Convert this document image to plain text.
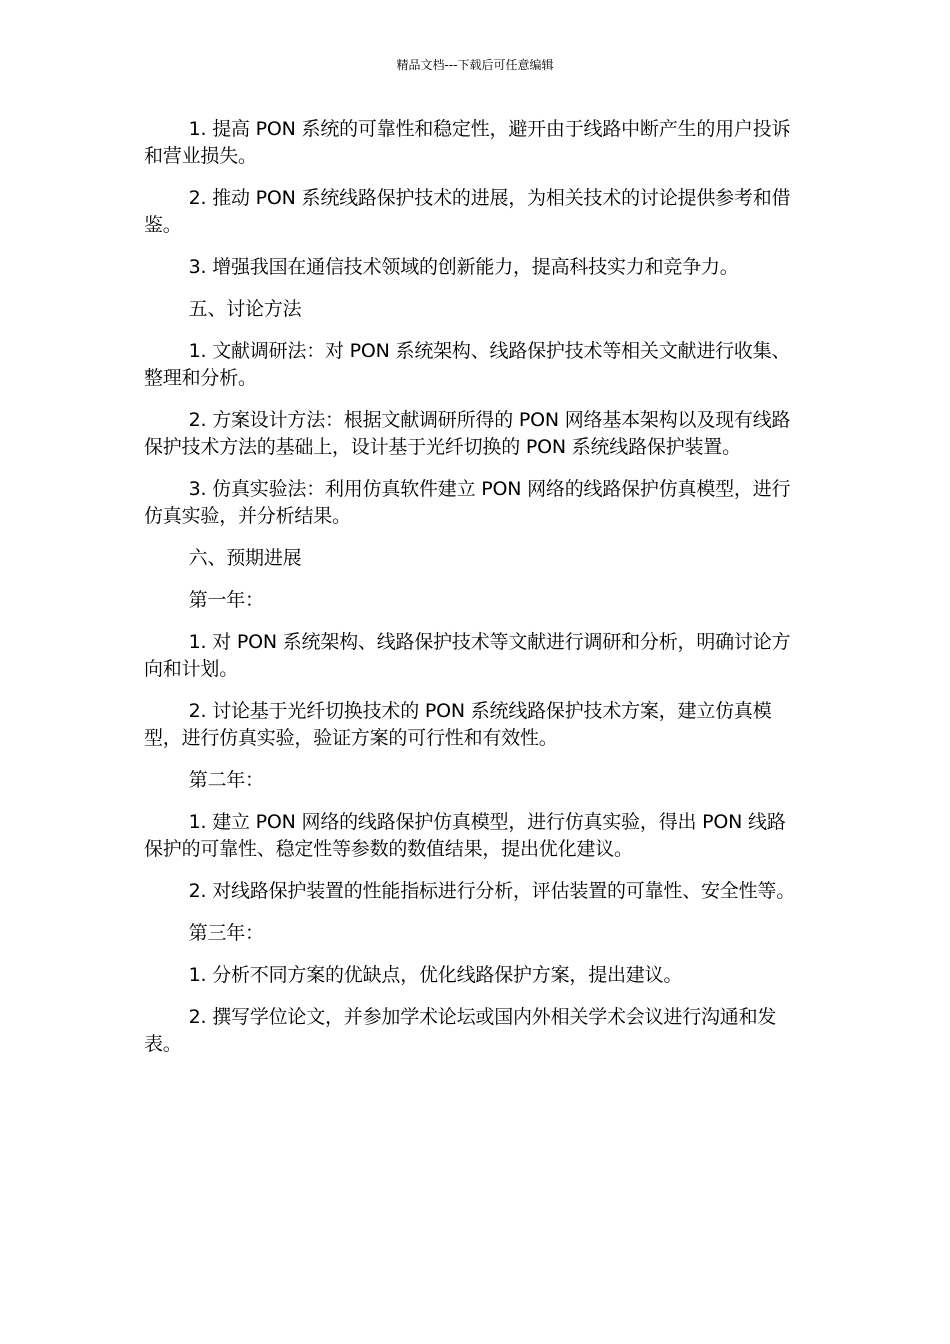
精品文档---下载后可任意编辑

1. 提高 PON 系统的可靠性和稳定性，避开由于线路中断产生的用户投诉和营业损失。

2. 推动 PON 系统线路保护技术的进展，为相关技术的讨论提供参考和借鉴。

3. 增强我国在通信技术领域的创新能力，提高科技实力和竞争力。

五、讨论方法

1. 文献调研法：对 PON 系统架构、线路保护技术等相关文献进行收集、整理和分析。

2. 方案设计方法：根据文献调研所得的 PON 网络基本架构以及现有线路保护技术方法的基础上，设计基于光纤切换的 PON 系统线路保护装置。

3. 仿真实验法：利用仿真软件建立 PON 网络的线路保护仿真模型，进行仿真实验，并分析结果。

六、预期进展

第一年：

1. 对 PON 系统架构、线路保护技术等文献进行调研和分析，明确讨论方向和计划。

2. 讨论基于光纤切换技术的 PON 系统线路保护技术方案，建立仿真模型，进行仿真实验，验证方案的可行性和有效性。

第二年：

1. 建立 PON 网络的线路保护仿真模型，进行仿真实验，得出 PON 线路保护的可靠性、稳定性等参数的数值结果，提出优化建议。

2. 对线路保护装置的性能指标进行分析，评估装置的可靠性、安全性等。

第三年：

1. 分析不同方案的优缺点，优化线路保护方案，提出建议。

2. 撰写学位论文，并参加学术论坛或国内外相关学术会议进行沟通和发表。
